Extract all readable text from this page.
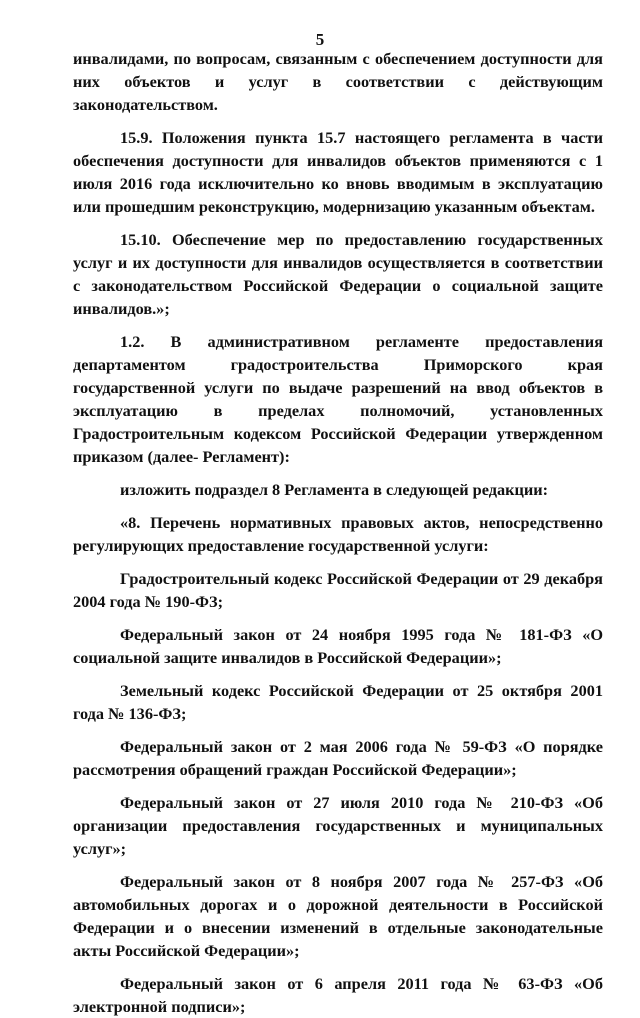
5

инвалидами, по вопросам, связанным с обеспечением доступности для них объектов и услуг в соответствии с действующим законодательством.

15.9. Положения пункта 15.7 настоящего регламента в части обеспечения доступности для инвалидов объектов применяются с 1 июля 2016 года исключительно ко вновь вводимым в эксплуатацию или прошедшим реконструкцию, модернизацию указанным объектам.

15.10. Обеспечение мер по предоставлению государственных услуг и их доступности для инвалидов осуществляется в соответствии с законодательством Российской Федерации о социальной защите инвалидов.»;

1.2. В административном регламенте предоставления департаментом градостроительства Приморского края государственной услуги по выдаче разрешений на ввод объектов в эксплуатацию в пределах полномочий, установленных Градостроительным кодексом Российской Федерации утвержденном приказом (далее- Регламент):

изложить подраздел 8 Регламента в следующей редакции:

«8. Перечень нормативных правовых актов, непосредственно регулирующих предоставление государственной услуги:

Градостроительный кодекс Российской Федерации от 29 декабря 2004 года № 190-ФЗ;

Федеральный закон от 24 ноября 1995 года № 181-ФЗ «О социальной защите инвалидов в Российской Федерации»;

Земельный кодекс Российской Федерации от 25 октября 2001 года № 136-ФЗ;

Федеральный закон от 2 мая 2006 года № 59-ФЗ «О порядке рассмотрения обращений граждан Российской Федерации»;

Федеральный закон от 27 июля 2010 года № 210-ФЗ «Об организации предоставления государственных и муниципальных услуг»;

Федеральный закон от 8 ноября 2007 года № 257-ФЗ «Об автомобильных дорогах и о дорожной деятельности в Российской Федерации и о внесении изменений в отдельные законодательные акты Российской Федерации»;

Федеральный закон от 6 апреля 2011 года № 63-ФЗ «Об электронной подписи»;
